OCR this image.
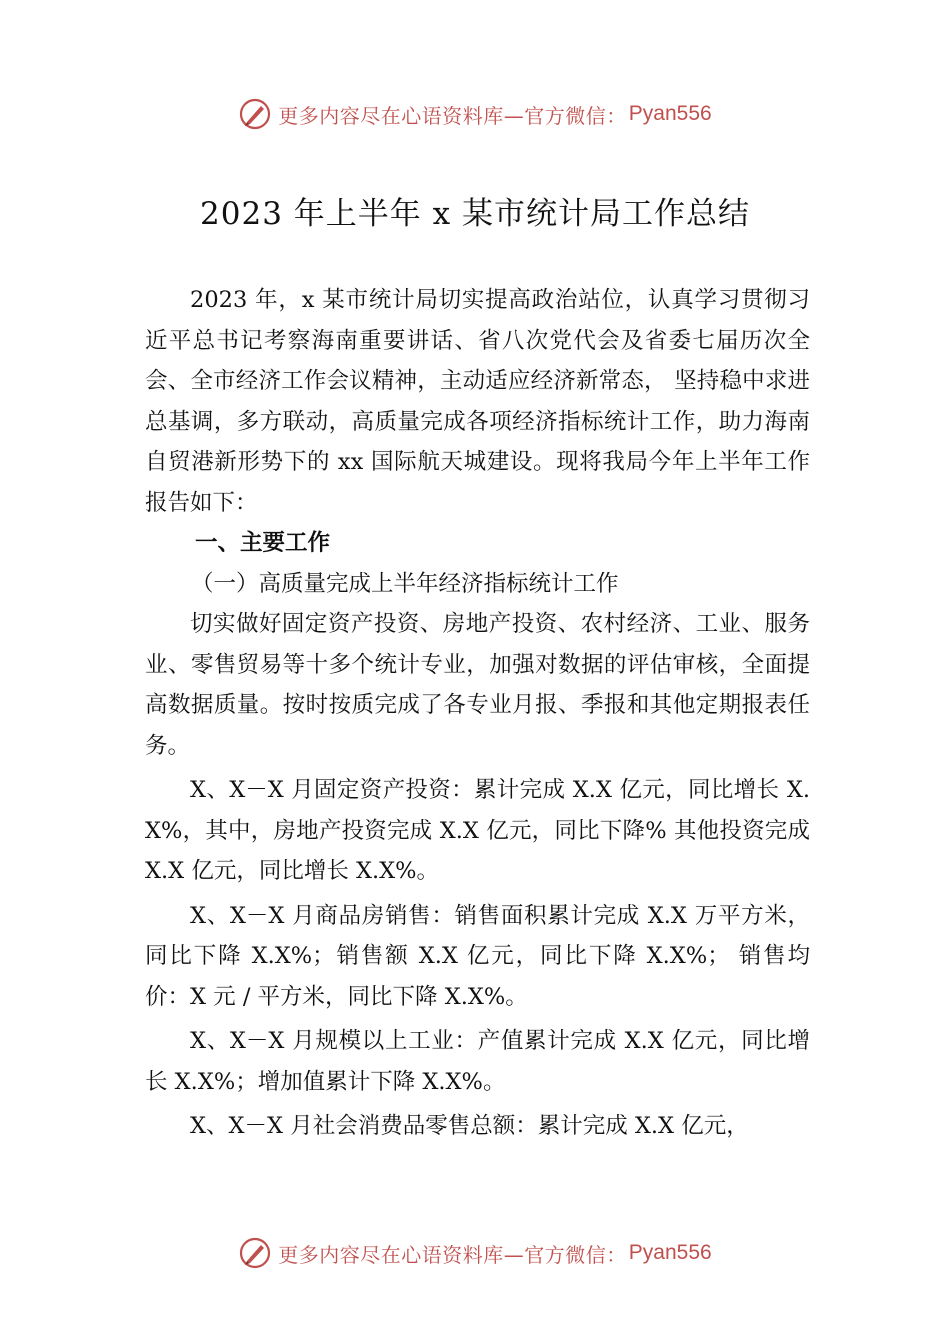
更多内容尽在心语资料库—官方微信： Pyan556
2023 年上半年 x 某市统计局工作总结

2023 年，x 某市统计局切实提高政治站位，认真学习贯彻习近平总书记考察海南重要讲话、省八次党代会及省委七届历次全会、全市经济工作会议精神，主动适应经济新常态， 坚持稳中求进总基调，多方联动，高质量完成各项经济指标统计工作，助力海南自贸港新形势下的 xx 国际航天城建设。现将我局今年上半年工作报告如下：

一、主要工作
（一）高质量完成上半年经济指标统计工作

切实做好固定资产投资、房地产投资、农村经济、工业、服务业、零售贸易等十多个统计专业，加强对数据的评估审核，全面提高数据质量。按时按质完成了各专业月报、季报和其他定期报表任务。

X、X－X 月固定资产投资：累计完成 X.X 亿元，同比增长 X.X%，其中，房地产投资完成 X.X 亿元，同比下降% 其他投资完成 X.X 亿元，同比增长 X.X%。

X、X－X 月商品房销售：销售面积累计完成 X.X 万平方米，同比下降 X.X%；销售额 X.X 亿元，同比下降 X.X%； 销售均价：X 元 / 平方米，同比下降 X.X%。

X、X－X 月规模以上工业：产值累计完成 X.X 亿元，同比增长 X.X%；增加值累计下降 X.X%。

X、X－X 月社会消费品零售总额：累计完成 X.X 亿元，

更多内容尽在心语资料库—官方微信： Pyan556
